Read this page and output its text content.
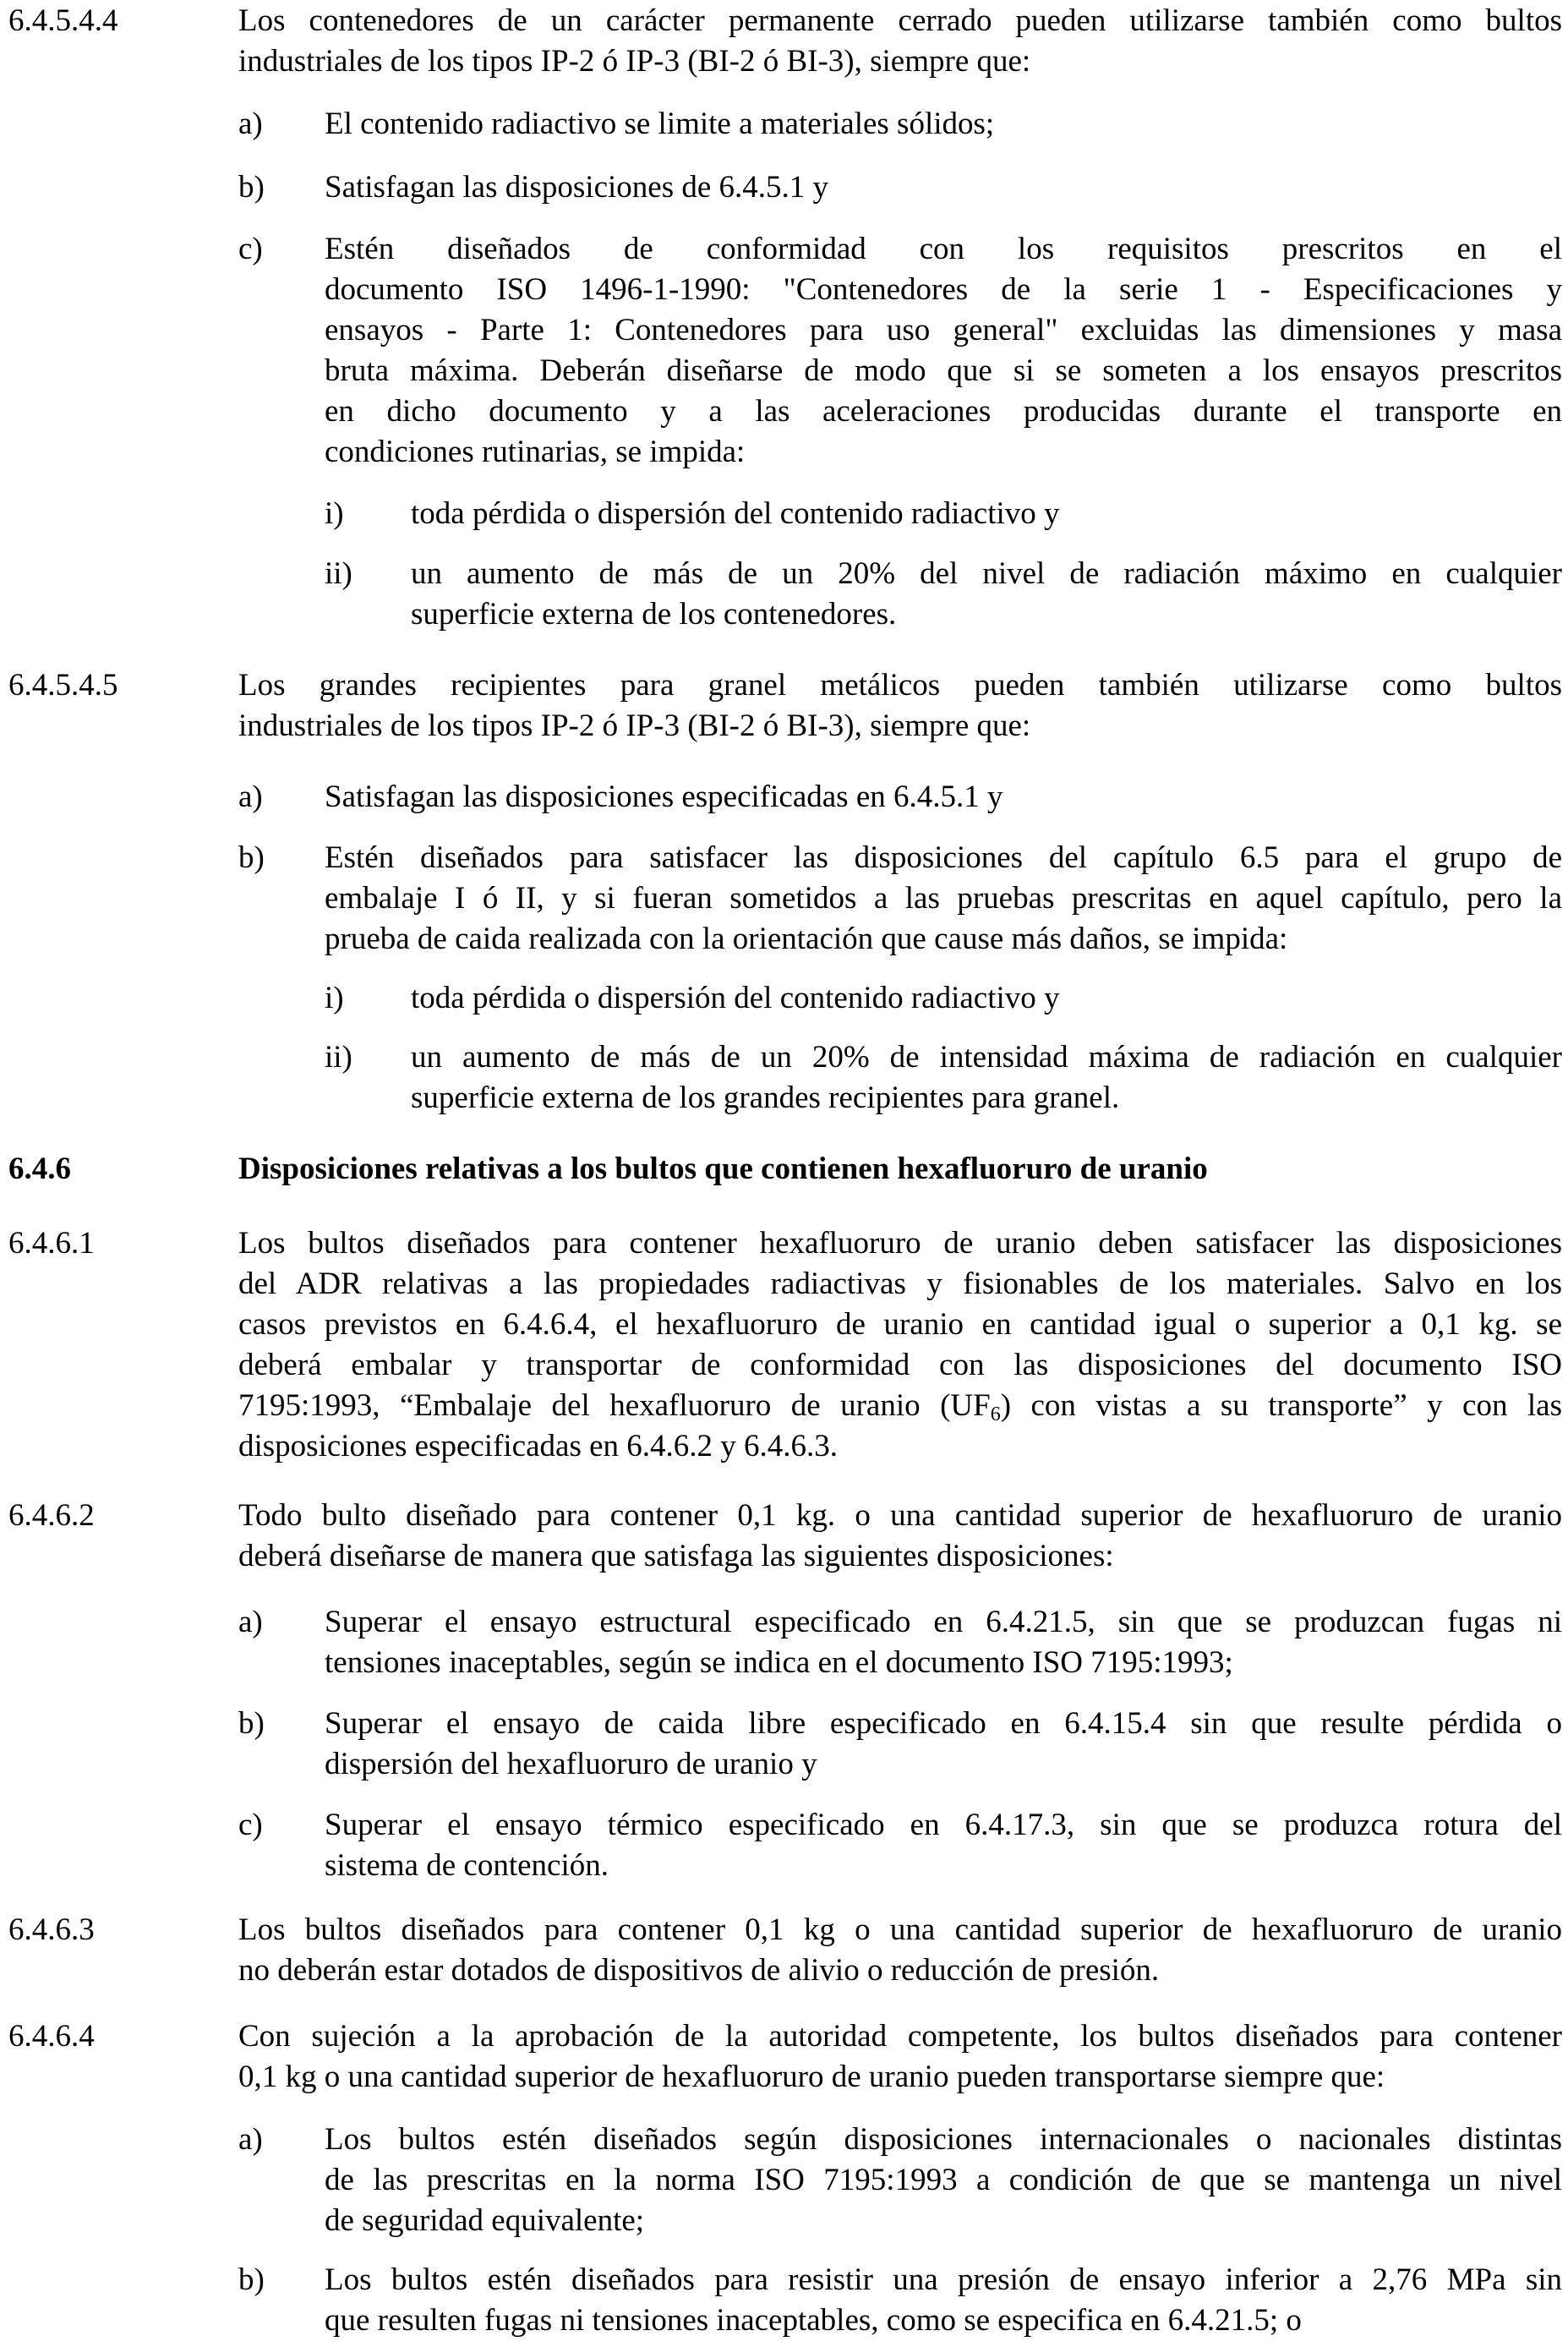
6.4.5.4.4	Los contenedores de un carácter permanente cerrado pueden utilizarse también como bultos
industriales de los tipos IP-2 ó IP-3 (BI-2 ó BI-3), siempre que:
a) El contenido radiactivo se limite a materiales sólidos;
b) Satisfagan las disposiciones de 6.4.5.1 y
c) Estén diseñados de conformidad con los requisitos prescritos en el
documento ISO 1496-1-1990: "Contenedores de la serie 1 - Especificaciones y
ensayos - Parte 1: Contenedores para uso general" excluidas las dimensiones y masa
bruta máxima. Deberán diseñarse de modo que si se someten a los ensayos prescritos
en dicho documento y a las aceleraciones producidas durante el transporte en
condiciones rutinarias, se impida:
i) toda pérdida o dispersión del contenido radiactivo y
ii) un aumento de más de un 20% del nivel de radiación máximo en cualquier
superficie externa de los contenedores.
6.4.5.4.5	Los grandes recipientes para granel metálicos pueden también utilizarse como bultos
industriales de los tipos IP-2 ó IP-3 (BI-2 ó BI-3), siempre que:
a) Satisfagan las disposiciones especificadas en 6.4.5.1 y
b) Estén diseñados para satisfacer las disposiciones del capítulo 6.5 para el grupo de
embalaje I ó II, y si fueran sometidos a las pruebas prescritas en aquel capítulo, pero la
prueba de caida realizada con la orientación que cause más daños, se impida:
i) toda pérdida o dispersión del contenido radiactivo y
ii) un aumento de más de un 20% de intensidad máxima de radiación en cualquier
superficie externa de los grandes recipientes para granel.
6.4.6	Disposiciones relativas a los bultos que contienen hexafluoruro de uranio
6.4.6.1	Los bultos diseñados para contener hexafluoruro de uranio deben satisfacer las disposiciones
del ADR relativas a las propiedades radiactivas y fisionables de los materiales. Salvo en los
casos previstos en 6.4.6.4, el hexafluoruro de uranio en cantidad igual o superior a 0,1 kg. se
deberá embalar y transportar de conformidad con las disposiciones del documento ISO
7195:1993, “Embalaje del hexafluoruro de uranio $(UF_6)$ con vistas a su transporte” y con las
disposiciones especificadas en 6.4.6.2 y 6.4.6.3.
6.4.6.2	Todo bulto diseñado para contener 0,1 kg. o una cantidad superior de hexafluoruro de uranio
deberá diseñarse de manera que satisfaga las siguientes disposiciones:
a) Superar el ensayo estructural especificado en 6.4.21.5, sin que se produzcan fugas ni
tensiones inaceptables, según se indica en el documento ISO 7195:1993;
b) Superar el ensayo de caida libre especificado en 6.4.15.4 sin que resulte pérdida o
dispersión del hexafluoruro de uranio y
c) Superar el ensayo térmico especificado en 6.4.17.3, sin que se produzca rotura del
sistema de contención.
6.4.6.3	Los bultos diseñados para contener 0,1 kg o una cantidad superior de hexafluoruro de uranio
no deberán estar dotados de dispositivos de alivio o reducción de presión.
6.4.6.4	Con sujeción a la aprobación de la autoridad competente, los bultos diseñados para contener
0,1 kg o una cantidad superior de hexafluoruro de uranio pueden transportarse siempre que:
a) Los bultos estén diseñados según disposiciones internacionales o nacionales distintas
de las prescritas en la norma ISO 7195:1993 a condición de que se mantenga un nivel
de seguridad equivalente;
b) Los bultos estén diseñados para resistir una presión de ensayo inferior a 2,76 MPa sin
que resulten fugas ni tensiones inaceptables, como se especifica en 6.4.21.5; o
